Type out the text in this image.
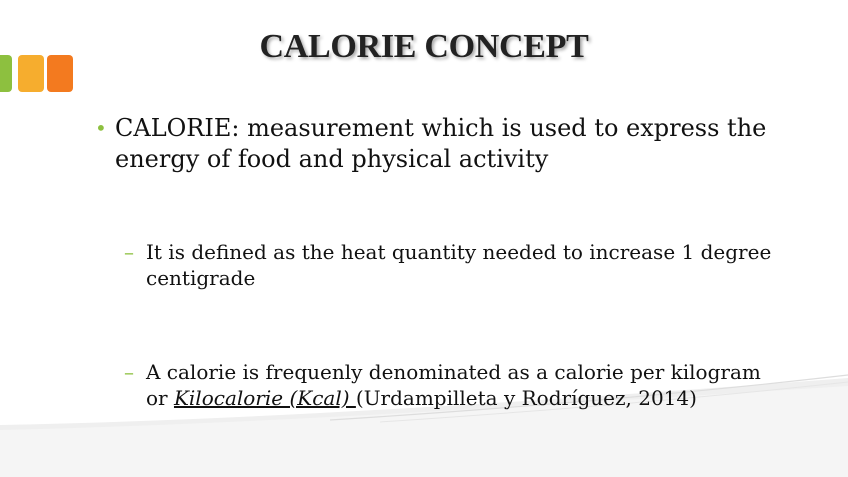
CALORIE CONCEPT
• CALORIE: measurement which is used to express the energy of food and physical activity
– It is defined as the heat quantity needed to increase 1 degree centigrade
– A calorie is frequenly denominated as a calorie per kilogram or Kilocalorie (Kcal) (Urdampilleta y Rodríguez, 2014)
